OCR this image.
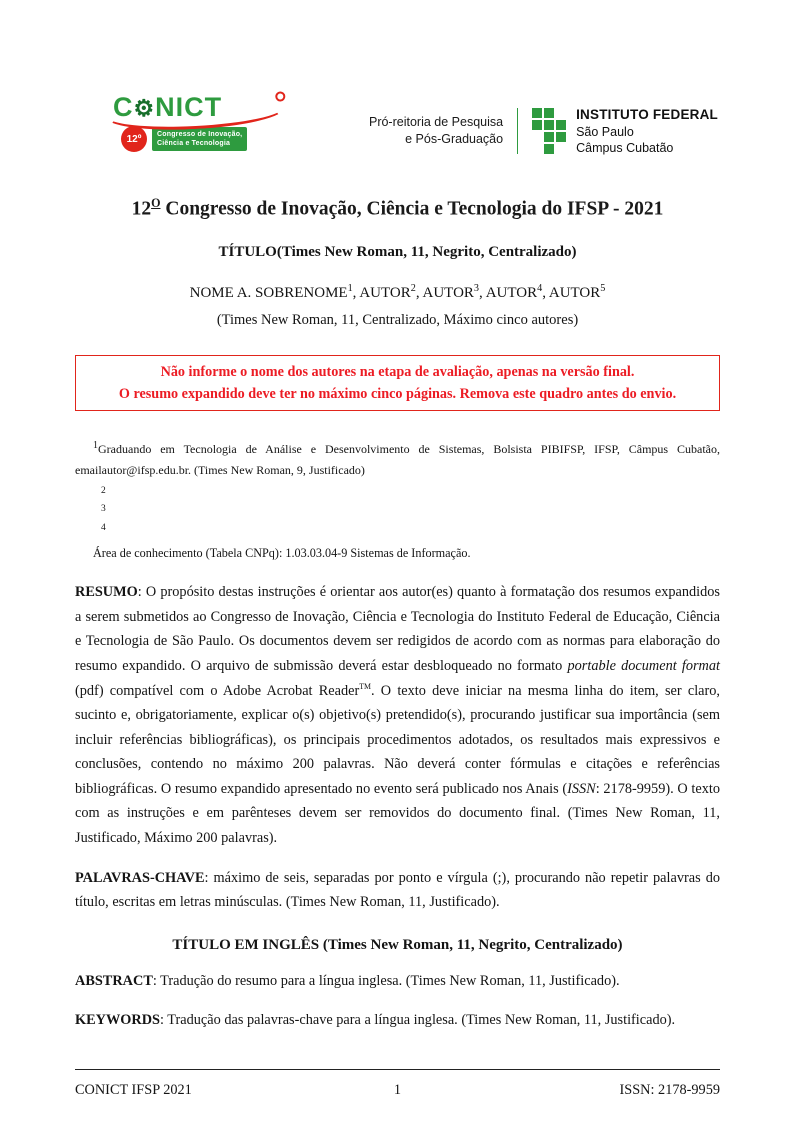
C⚙NICT
12º Congresso de Inovação,
Ciência e Tecnologia
Pró-reitoria de Pesquisa
e Pós-Graduação
INSTITUTO FEDERAL
São Paulo
Câmpus Cubatão
$12^O$ Congresso de Inovação, Ciência e Tecnologia do IFSP - 2021

TÍTULO(Times New Roman, 11, Negrito, Centralizado)

NOME A. SOBRENOME$^1$, AUTOR$^2$, AUTOR$^3$, AUTOR$^4$, AUTOR$^5$

(Times New Roman, 11, Centralizado, Máximo cinco autores)

Não informe o nome dos autores na etapa de avaliação, apenas na versão final.
O resumo expandido deve ter no máximo cinco páginas. Remova este quadro antes do envio.

$^1$Graduando em Tecnologia de Análise e Desenvolvimento de Sistemas, Bolsista PIBIFSP, IFSP, Câmpus Cubatão, emailautor@ifsp.edu.br. (Times New Roman, 9, Justificado)

2
3
4

Área de conhecimento (Tabela CNPq): 1.03.03.04-9 Sistemas de Informação.

RESUMO: O propósito destas instruções é orientar aos autor(es) quanto à formatação dos resumos expandidos a serem submetidos ao Congresso de Inovação, Ciência e Tecnologia do Instituto Federal de Educação, Ciência e Tecnologia de São Paulo. Os documentos devem ser redigidos de acordo com as normas para elaboração do resumo expandido. O arquivo de submissão deverá estar desbloqueado no formato portable document format (pdf) compatível com o Adobe Acrobat Reader™. O texto deve iniciar na mesma linha do item, ser claro, sucinto e, obrigatoriamente, explicar o(s) objetivo(s) pretendido(s), procurando justificar sua importância (sem incluir referências bibliográficas), os principais procedimentos adotados, os resultados mais expressivos e conclusões, contendo no máximo 200 palavras. Não deverá conter fórmulas e citações e referências bibliográficas. O resumo expandido apresentado no evento será publicado nos Anais (ISSN: 2178-9959). O texto com as instruções e em parênteses devem ser removidos do documento final. (Times New Roman, 11, Justificado, Máximo 200 palavras).

PALAVRAS-CHAVE: máximo de seis, separadas por ponto e vírgula (;), procurando não repetir palavras do título, escritas em letras minúsculas. (Times New Roman, 11, Justificado).

TÍTULO EM INGLÊS (Times New Roman, 11, Negrito, Centralizado)

ABSTRACT: Tradução do resumo para a língua inglesa. (Times New Roman, 11, Justificado).

KEYWORDS: Tradução das palavras-chave para a língua inglesa. (Times New Roman, 11, Justificado).

CONICT IFSP 2021	1	ISSN: 2178-9959
